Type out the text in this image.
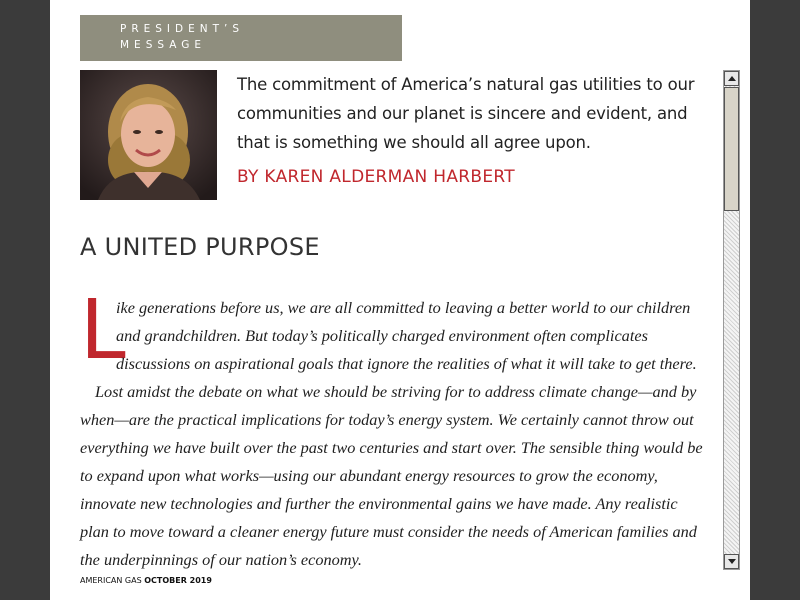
PRESIDENT’S
MESSAGE
The commitment of America’s natural gas utilities to our communities and our planet is sincere and evident, and that is something we should all agree upon.
BY KAREN ALDERMAN HARBERT
A UNITED PURPOSE
L

ike generations before us, we are all committed to leaving a better world to our children and grandchildren. But today’s politically charged environment often complicates discussions on aspirational goals that ignore the realities of what it will take to get there.

Lost amidst the debate on what we should be striving for to address climate change—and by when—are the practical implications for today’s energy system. We certainly cannot throw out everything we have built over the past two centuries and start over. The sensible thing would be to expand upon what works—using our abundant energy resources to grow the economy, innovate new technologies and further the environmental gains we have made. Any realistic plan to move toward a cleaner energy future must consider the needs of American families and the underpinnings of our nation’s economy.

AMERICAN GAS OCTOBER 2019
